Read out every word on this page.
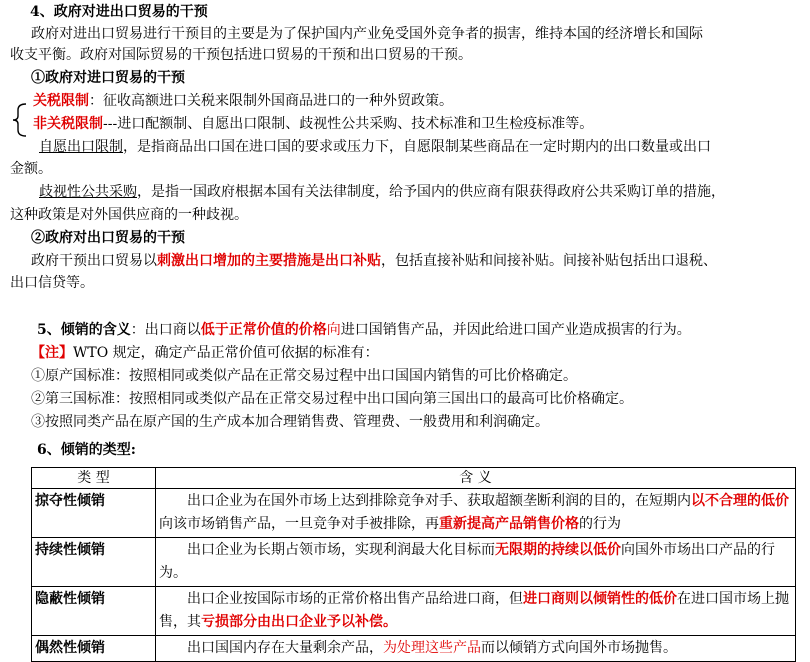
4、政府对进出口贸易的干预
政府对进出口贸易进行干预目的主要是为了保护国内产业免受国外竞争者的损害，维持本国的经济增长和国际
收支平衡。政府对国际贸易的干预包括进口贸易的干预和出口贸易的干预。
①政府对进口贸易的干预
关税限制：征收高额进口关税来限制外国商品进口的一种外贸政策。
非关税限制---进口配额制、自愿出口限制、歧视性公共采购、技术标准和卫生检疫标准等。
自愿出口限制，是指商品出口国在进口国的要求或压力下，自愿限制某些商品在一定时期内的出口数量或出口
金额。
歧视性公共采购，是指一国政府根据本国有关法律制度，给予国内的供应商有限获得政府公共采购订单的措施，
这种政策是对外国供应商的一种歧视。
②政府对出口贸易的干预
政府干预出口贸易以刺激出口增加的主要措施是出口补贴，包括直接补贴和间接补贴。间接补贴包括出口退税、
出口信贷等。
5、倾销的含义：出口商以低于正常价值的价格向进口国销售产品，并因此给进口国产业造成损害的行为。
【注】WTO 规定，确定产品正常价值可依据的标准有：
①原产国标准：按照相同或类似产品在正常交易过程中出口国国内销售的可比价格确定。
②第三国标准：按照相同或类似产品在正常交易过程中出口国向第三国出口的最高可比价格确定。
③按照同类产品在原产国的生产成本加合理销售费、管理费、一般费用和利润确定。
6、倾销的类型:
类 型	含 义
掠夺性倾销	出口企业为在国外市场上达到排除竞争对手、获取超额垄断利润的目的，在短期内以不合理的低价向该市场销售产品，一旦竞争对手被排除，再重新提高产品销售价格的行为
持续性倾销	出口企业为长期占领市场，实现利润最大化目标而无限期的持续以低价向国外市场出口产品的行为。
隐蔽性倾销	出口企业按国际市场的正常价格出售产品给进口商，但进口商则以倾销性的低价在进口国市场上抛售，其亏损部分由出口企业予以补偿。
偶然性倾销	出口国国内存在大量剩余产品，为处理这些产品而以倾销方式向国外市场抛售。
